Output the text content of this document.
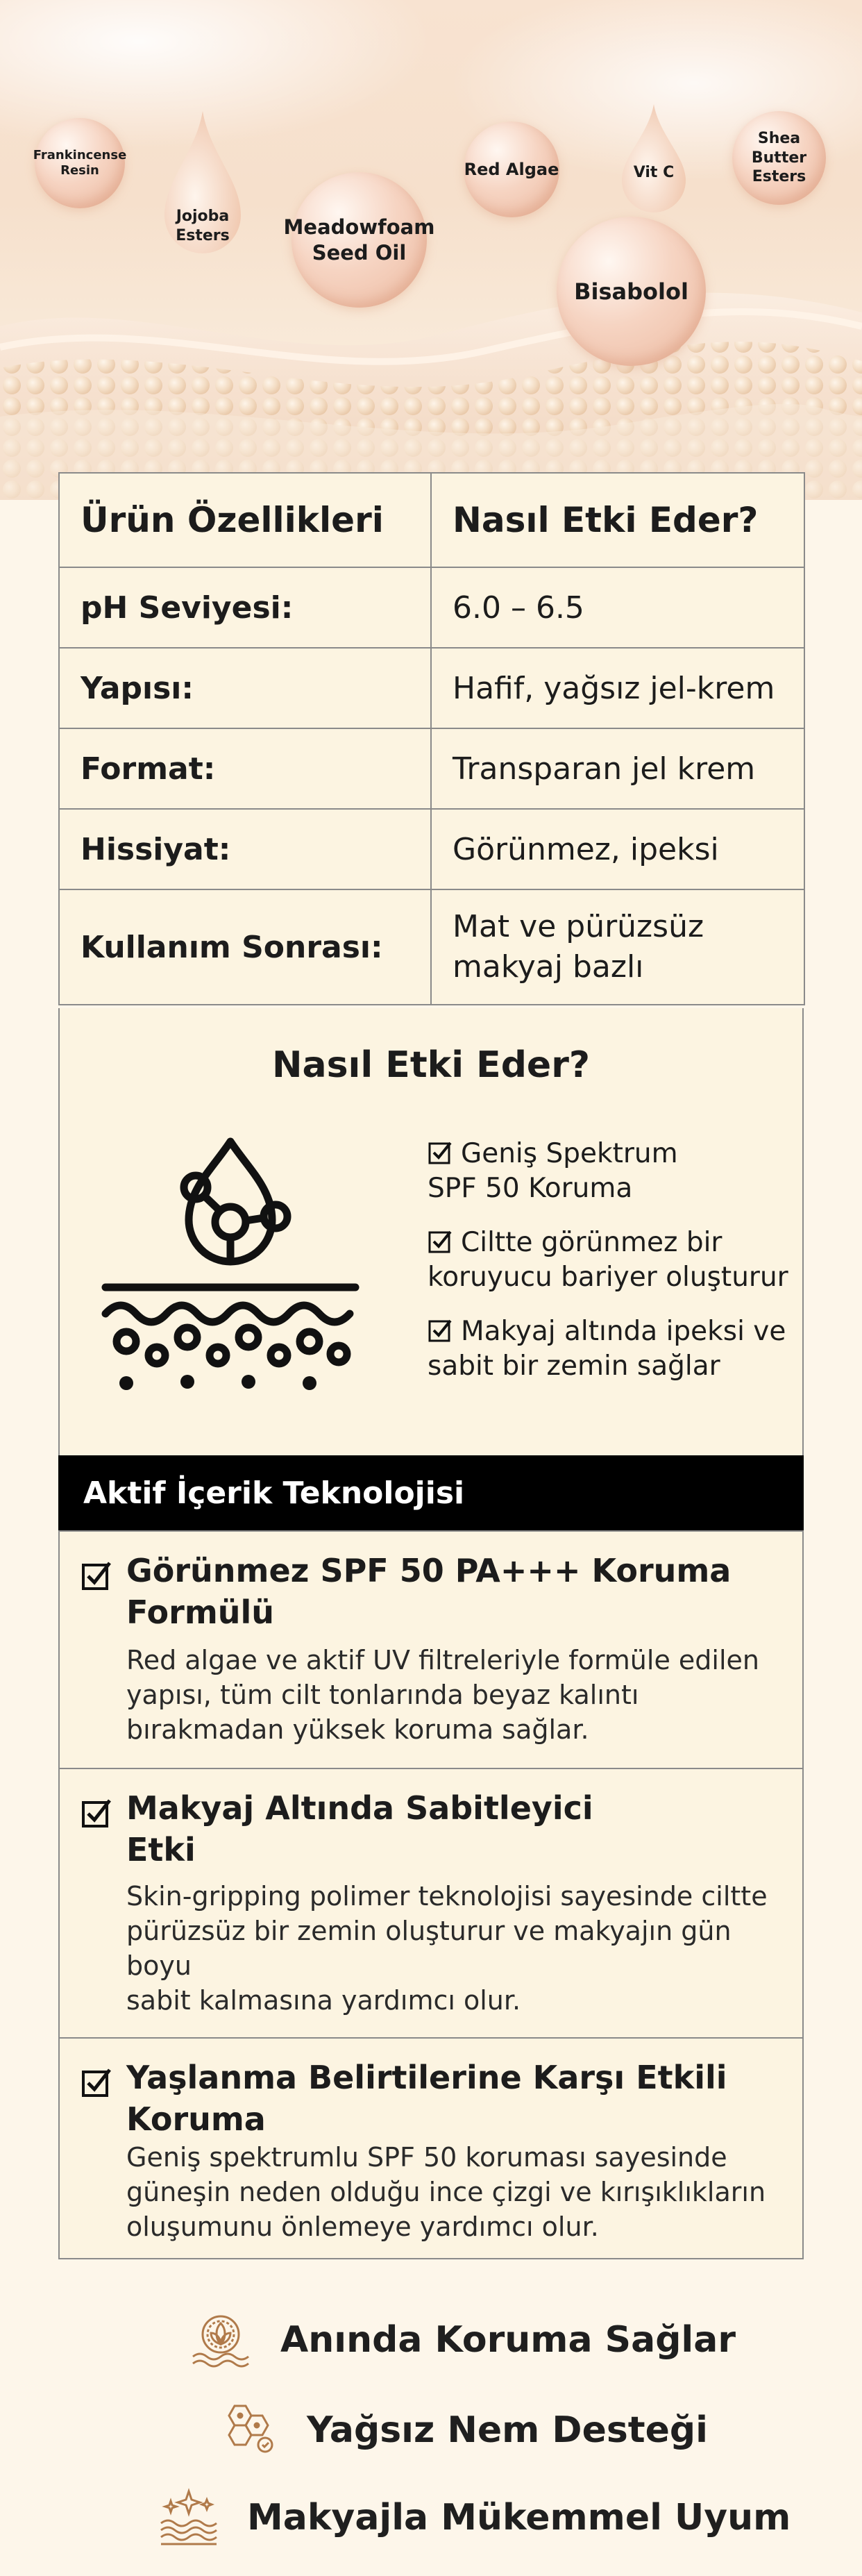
Frankincense
Resin
Jojoba
Esters	Meadowfoam
Seed Oil
Red Algae
Bisabolol
Vit C
Shea
Butter
Esters
Ürün Özellikleri	Nasıl Etki Eder?
pH Seviyesi:	6.0 – 6.5
Yapısı:	Hafif, yağsız jel-krem
Format:	Transparan jel krem
Hissiyat:	Görünmez, ipeksi
Kullanım Sonrası:	Mat ve pürüzsüz
makyaj bazlı
Nasıl Etki Eder?
Geniş Spektrum
SPF 50 Koruma
Ciltte görünmez bir
koruyucu bariyer oluşturur
Makyaj altında ipeksi ve
sabit bir zemin sağlar
Aktif İçerik Teknolojisi
Görünmez SPF 50 PA+++ Koruma
Formülü

Red algae ve aktif UV filtreleriyle formüle edilen
yapısı, tüm cilt tonlarında beyaz kalıntı
bırakmadan yüksek koruma sağlar.

Makyaj Altında Sabitleyici
Etki

Skin-gripping polimer teknolojisi sayesinde ciltte
pürüzsüz bir zemin oluşturur ve makyajın gün boyu
sabit kalmasına yardımcı olur.

Yaşlanma Belirtilerine Karşı Etkili
Koruma

Geniş spektrumlu SPF 50 koruması sayesinde
güneşin neden olduğu ince çizgi ve kırışıklıkların
oluşumunu önlemeye yardımcı olur.

Anında Koruma Sağlar
Yağsız Nem Desteği
Makyajla Mükemmel Uyum
